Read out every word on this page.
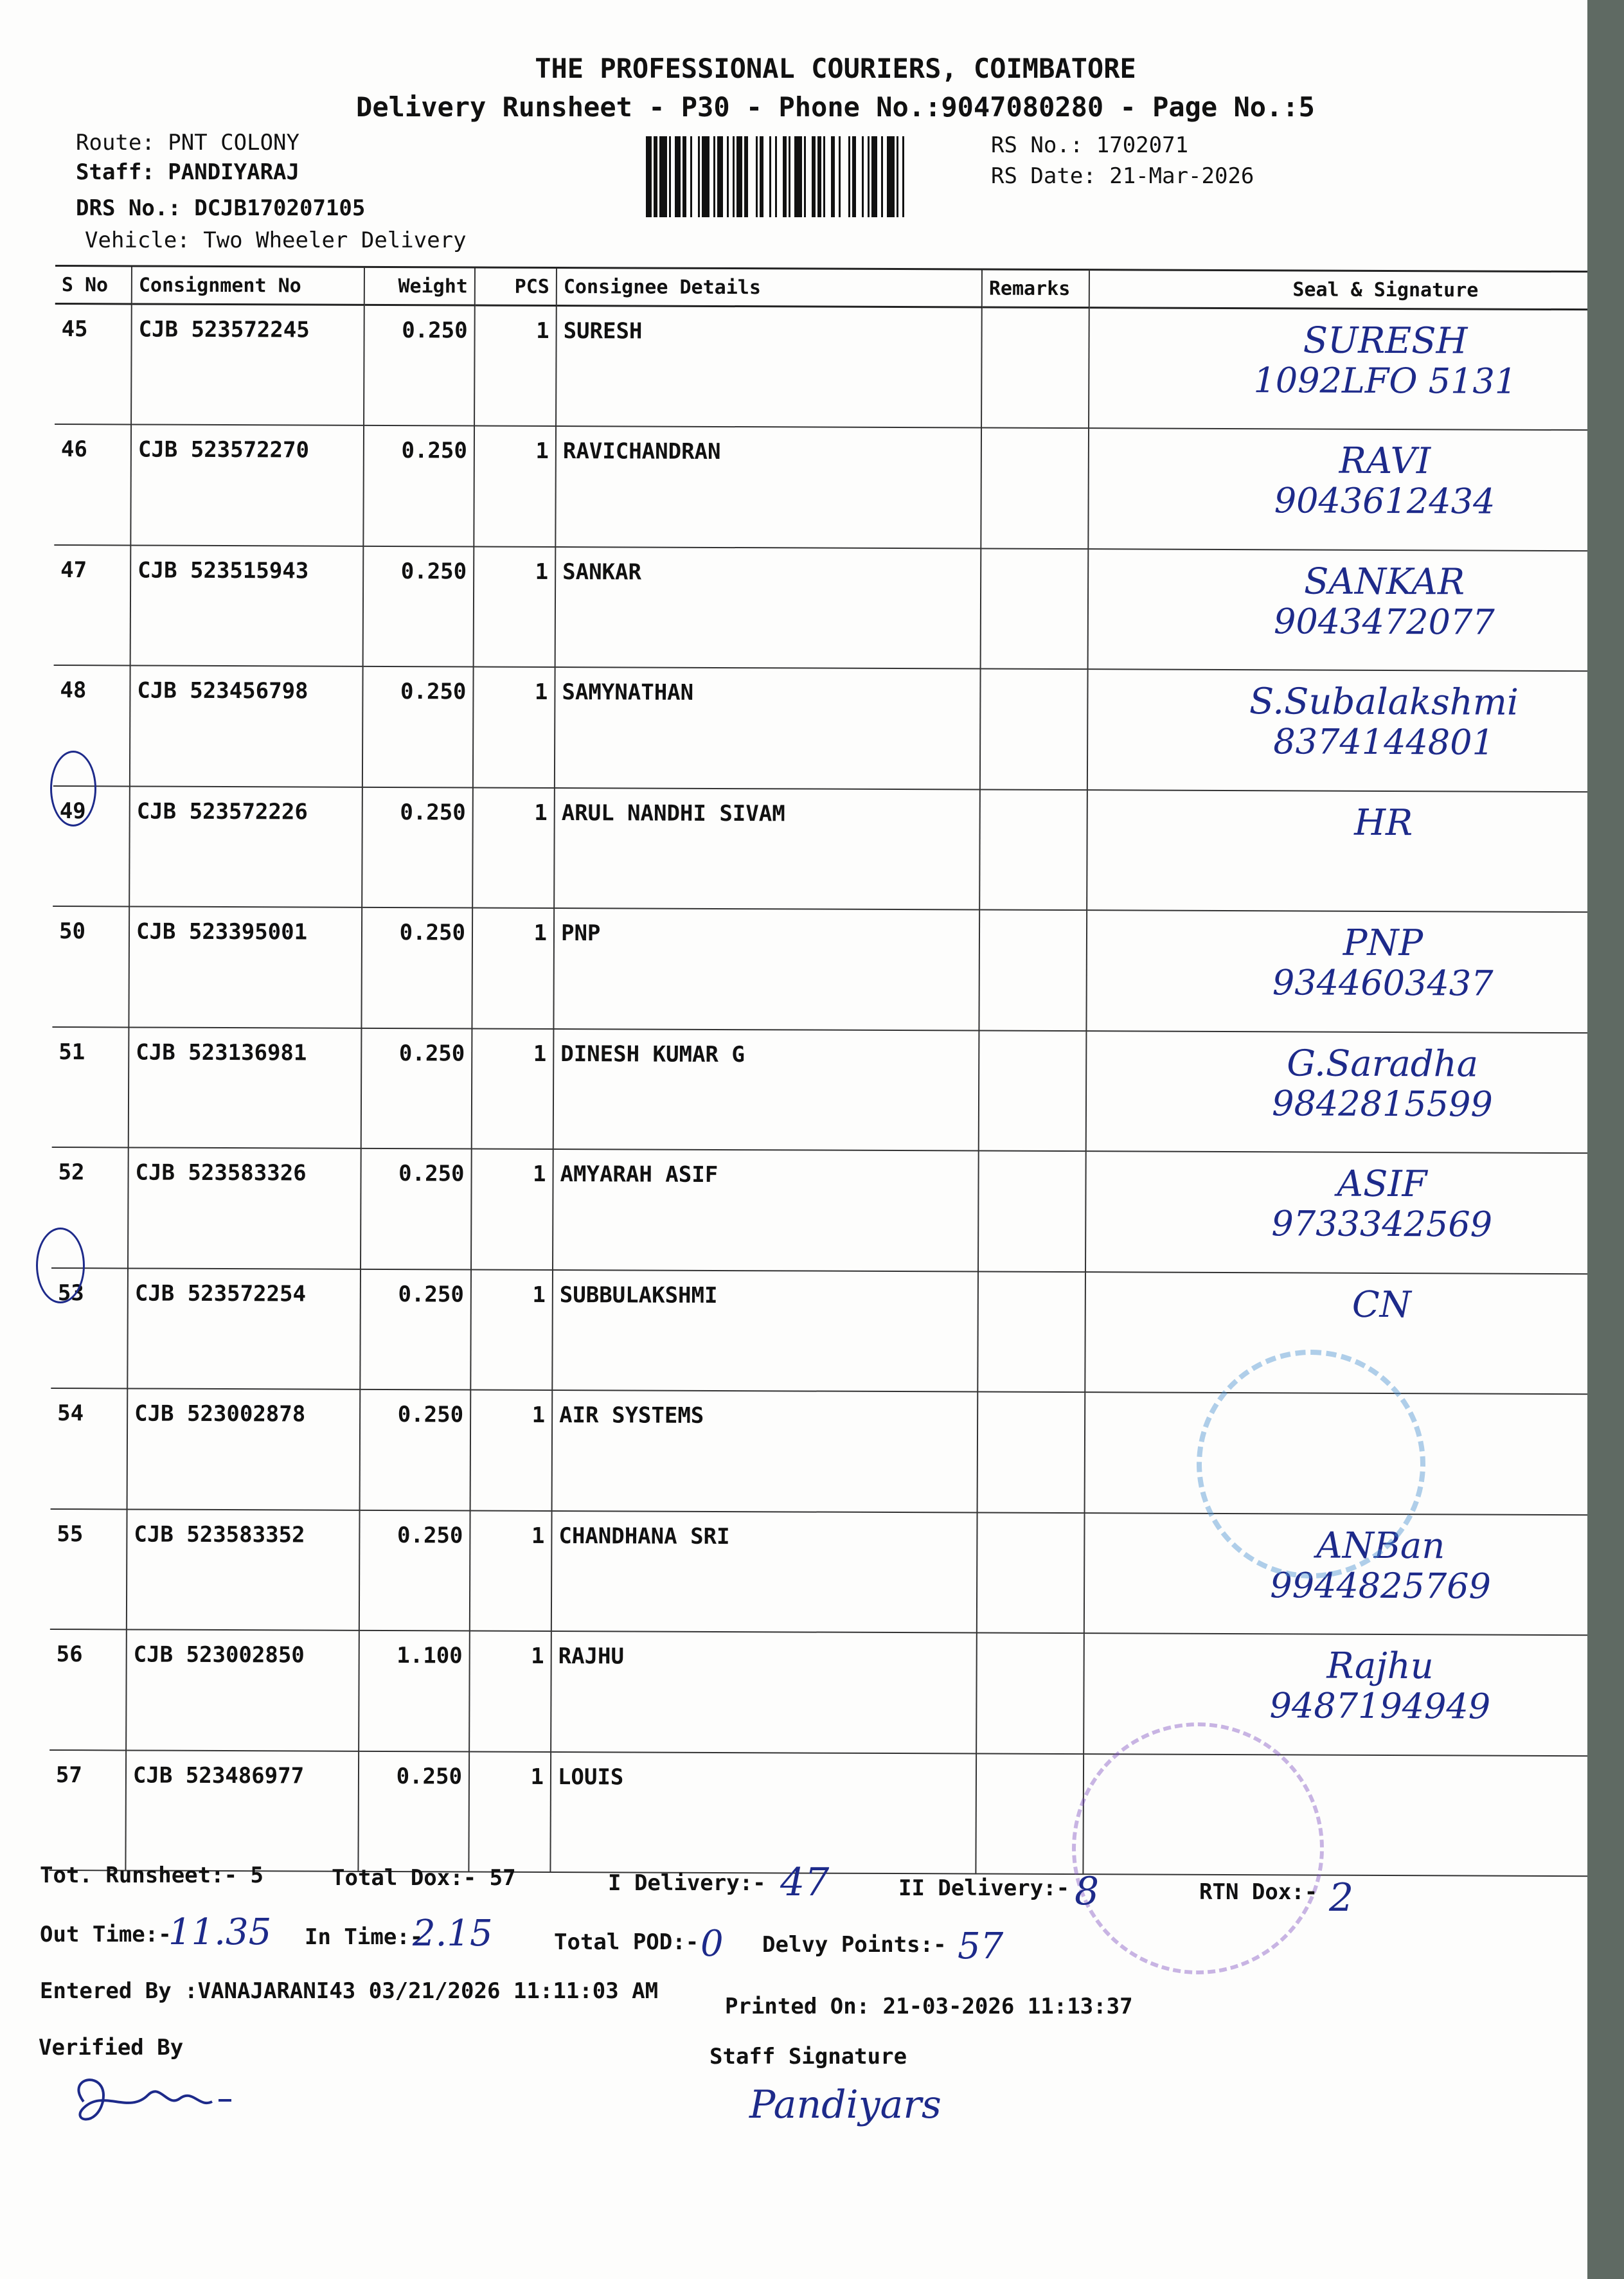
THE PROFESSIONAL COURIERS, COIMBATORE
Delivery Runsheet - P30 - Phone No.:9047080280 - Page No.:5
Route: PNT COLONY
Staff: PANDIYARAJ
DRS No.: DCJB170207105
Vehicle: Two Wheeler Delivery
RS No.: 1702071
RS Date: 21-Mar-2026
S No	Consignment No	Weight	PCS	Consignee Details	Remarks	Seal & Signature
45	CJB 523572245	0.250	1	SURESH		SURESH
1092LFO 5131

46	CJB 523572270	0.250	1	RAVICHANDRAN		RAVI
9043612434

47	CJB 523515943	0.250	1	SANKAR		SANKAR
9043472077

48	CJB 523456798	0.250	1	SAMYNATHAN		S.Subalakshmi
8374144801

49	CJB 523572226	0.250	1	ARUL NANDHI SIVAM		HR

50	CJB 523395001	0.250	1	PNP		PNP
9344603437

51	CJB 523136981	0.250	1	DINESH KUMAR G		G.Saradha
9842815599

52	CJB 523583326	0.250	1	AMYARAH ASIF		ASIF
9733342569

53	CJB 523572254	0.250	1	SUBBULAKSHMI		CN

54	CJB 523002878	0.250	1	AIR SYSTEMS		

55	CJB 523583352	0.250	1	CHANDHANA SRI		ANBan
9944825769

56	CJB 523002850	1.100	1	RAJHU		Rajhu
9487194949

57	CJB 523486977	0.250	1	LOUIS		
Tot. Runsheet:- 5	Total Dox:- 57	I Delivery:- 47	II Delivery:- 8	RTN Dox:- 2
Out Time:-
11.35 In Time:-
2.15	Total POD:- 0 Delvy Points:- 57
Entered By :VANAJARANI43 03/21/2026 11:11:03 AM
Printed On: 21-03-2026 11:13:37
Verified By	Staff Signature
Pandiyars
